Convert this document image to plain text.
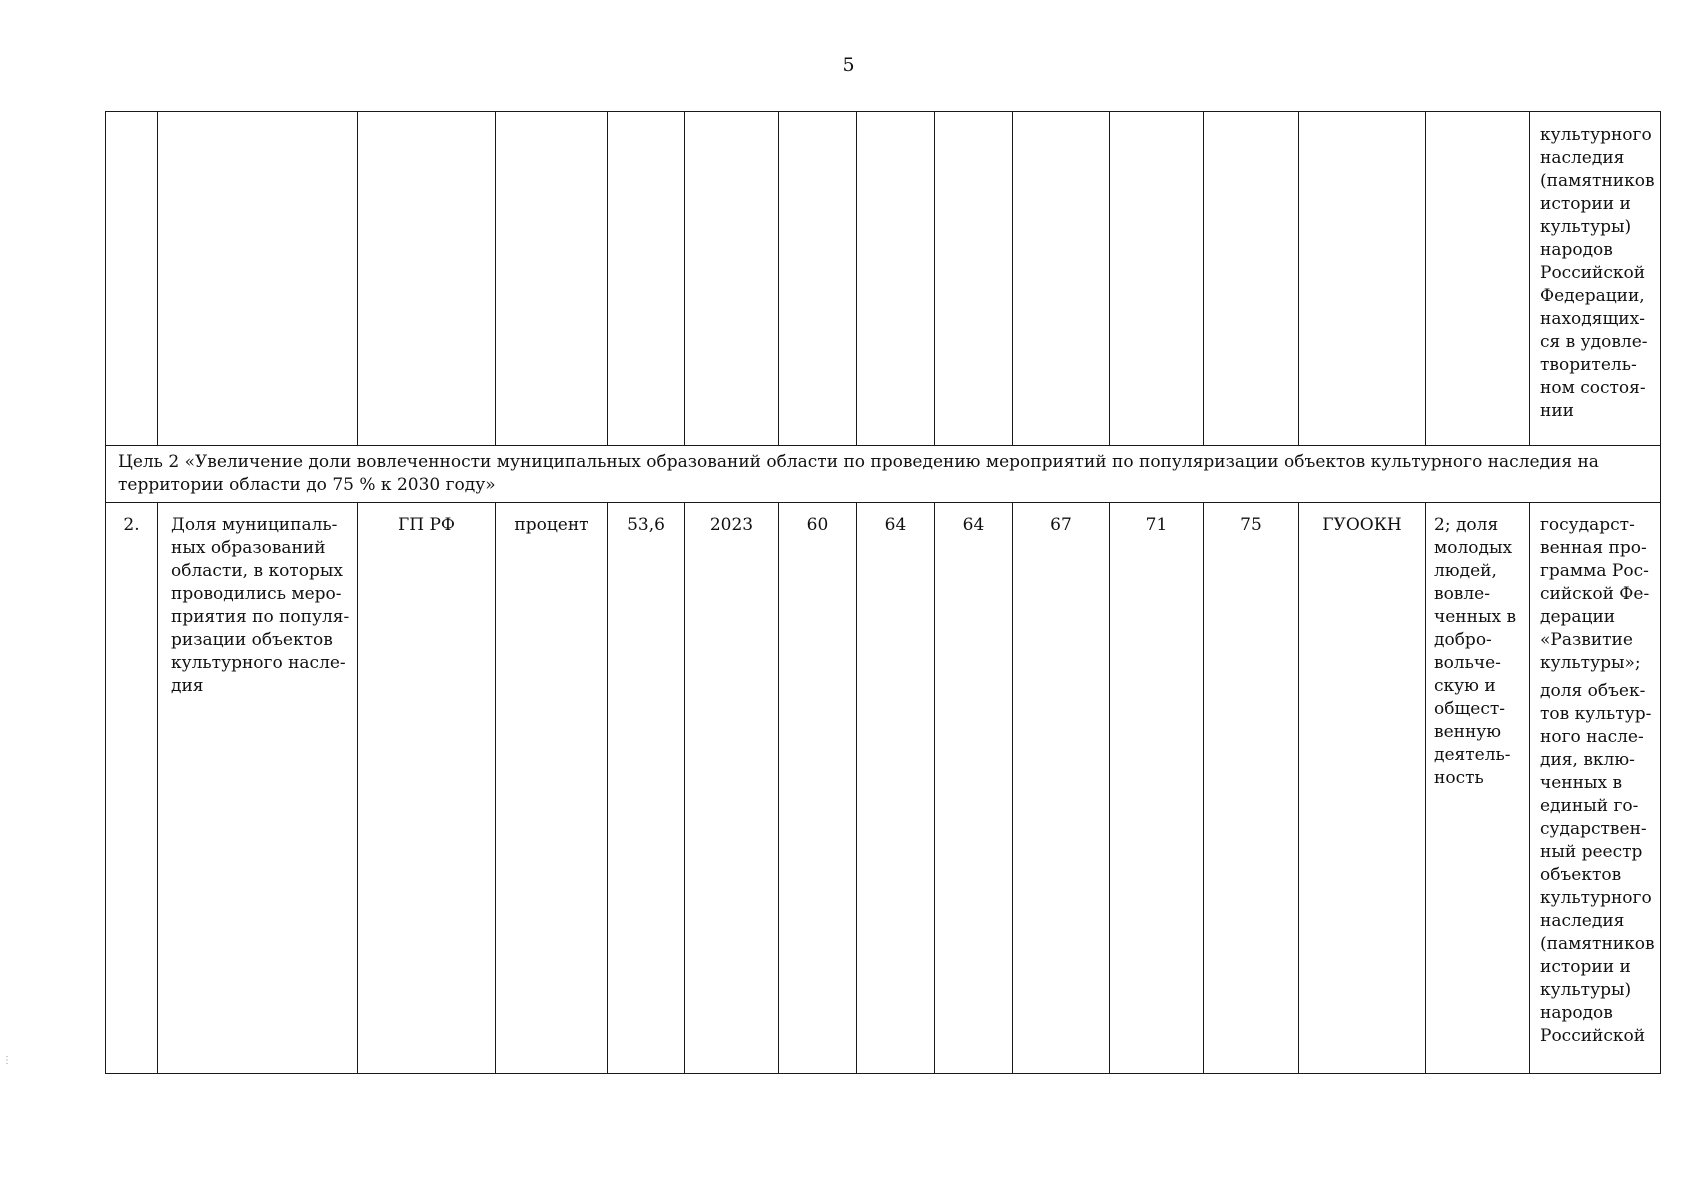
5

														культурного наследия (памятников истории и культуры) народов Российской Федерации, находящих-ся в удовле-творитель-ном состоя-нии

Цель 2 «Увеличение доли вовлеченности муниципальных образований области по проведению мероприятий по популяризации объектов культурного наследия на территории области до 75 % к 2030 году»														
2.	Доля муниципаль-ных образований области, в которых проводились меро-приятия по популя-ризации объектов культурного насле-дия	ГП РФ	процент	53,6	2023	60	64	64	67	71	75	ГУООКН	2; доля молодых людей, вовле-ченных в добро-вольче-скую и общест-венную деятель-ность	государст-венная про-грамма Рос-сийской Фе-дерации «Развитие культуры»;
доля объек-тов культур-ного насле-дия, вклю-ченных в единый го-сударствен-ный реестр объектов культурного наследия (памятников истории и культуры) народов Российской
⋮
